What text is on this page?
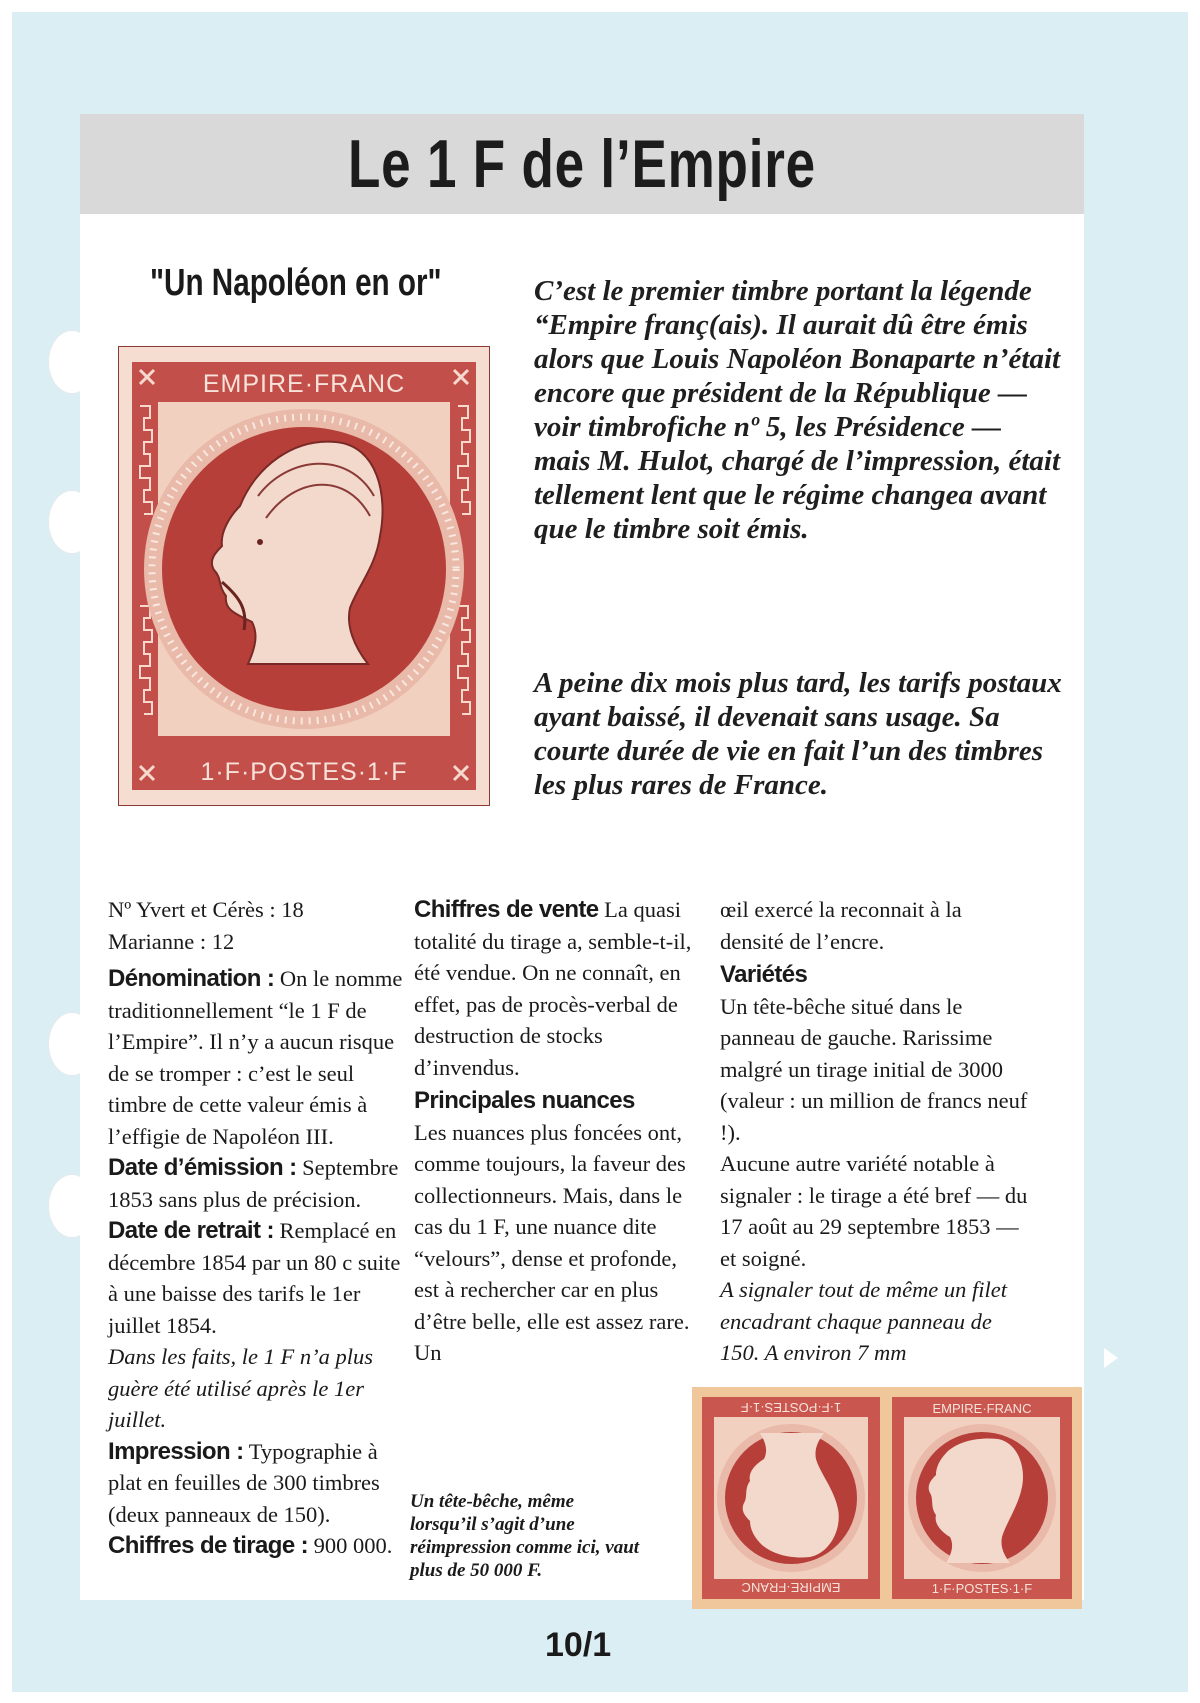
Le 1 F de l’Empire
"Un Napoléon en or"
EMPIRE·FRANC
1·F·POSTES·1·F
C’est le premier timbre portant la légende “Empire franç(ais). Il aurait dû être émis alors que Louis Napoléon Bonaparte n’était encore que président de la République — voir timbrofiche nº 5, les Présidence — mais M. Hulot, chargé de l’impression, était tellement lent que le régime changea avant que le timbre soit émis.
A peine dix mois plus tard, les tarifs postaux ayant baissé, il devenait sans usage. Sa courte durée de vie en fait l’un des timbres les plus rares de France.

Nº Yvert et Cérès : 18

Marianne : 12

Dénomination : On le nomme traditionnellement “le 1 F de l’Empire”. Il n’y a aucun risque de se tromper : c’est le seul timbre de cette valeur émis à l’effigie de Napoléon III.

Date d’émission : Septembre 1853 sans plus de précision.

Date de retrait : Remplacé en décembre 1854 par un 80 c suite à une baisse des tarifs le 1er juillet 1854.

Dans les faits, le 1 F n’a plus guère été utilisé après le 1er juillet.

Impression : Typographie à plat en feuilles de 300 timbres (deux panneaux de 150).

Chiffres de tirage : 900 000.

Chiffres de vente La quasi totalité du tirage a, semble-t-il, été vendue. On ne connaît, en effet, pas de procès-verbal de destruction de stocks d’invendus.

Principales nuances

Les nuances plus foncées ont, comme toujours, la faveur des collectionneurs. Mais, dans le cas du 1 F, une nuance dite “velours”, dense et profonde, est à rechercher car en plus d’être belle, elle est assez rare. Un

œil exercé la reconnait à la densité de l’encre.

Variétés

Un tête-bêche situé dans le panneau de gauche. Rarissime malgré un tirage initial de 3000 (valeur : un million de francs neuf !).

Aucune autre variété notable à signaler : le tirage a été bref — du 17 août au 29 septembre 1853 — et soigné.

A signaler tout de même un filet encadrant chaque panneau de 150. A environ 7 mm

Un tête-bêche, même lorsqu’il s’agit d’une réimpression comme ici, vaut plus de 50 000 F.
1·F·POSTES·1·F
EMPIRE·FRANC
EMPIRE·FRANC
1·F·POSTES·1·F
10/1
